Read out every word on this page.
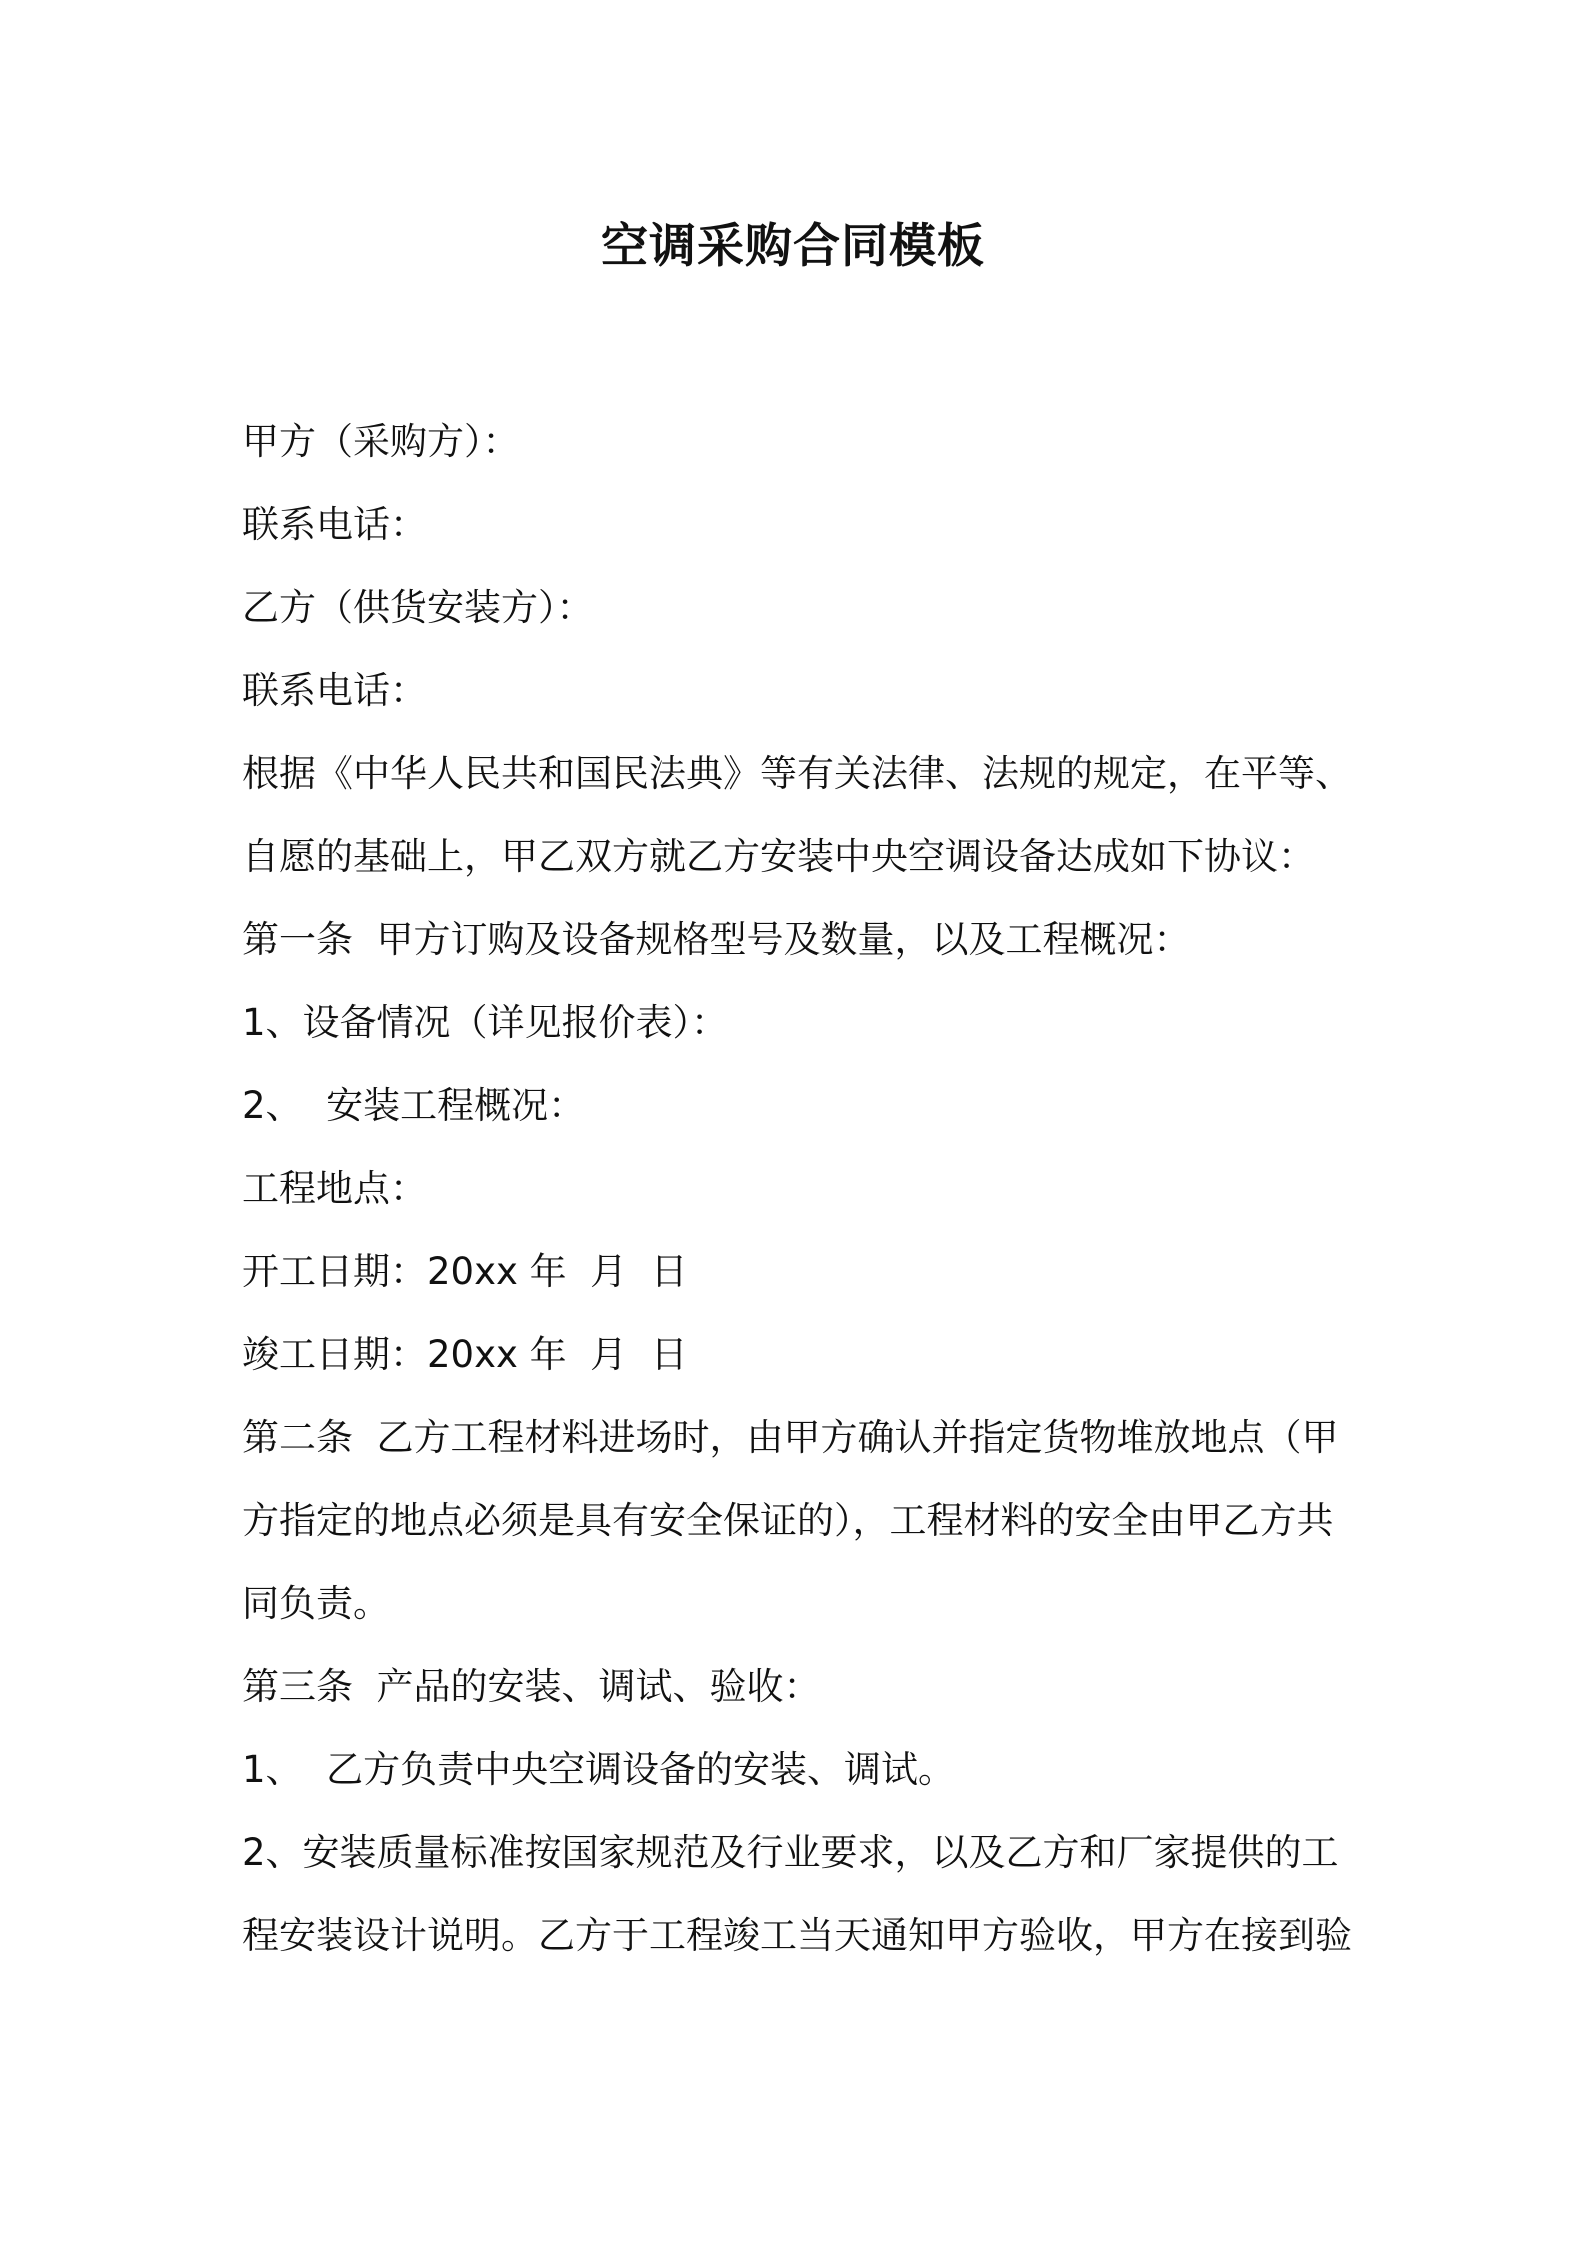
空调采购合同模板
甲方（采购方）：
联系电话：
乙方（供货安装方）：
联系电话：
根据《中华人民共和国民法典》等有关法律、法规的规定，在平等、
自愿的基础上，甲乙双方就乙方安装中央空调设备达成如下协议：
第一条  甲方订购及设备规格型号及数量，以及工程概况：
1、设备情况（详见报价表）：
2、  安装工程概况：
工程地点：
开工日期：20xx 年  月  日
竣工日期：20xx 年  月  日
第二条  乙方工程材料进场时，由甲方确认并指定货物堆放地点（甲
方指定的地点必须是具有安全保证的），工程材料的安全由甲乙方共
同负责。
第三条  产品的安装、调试、验收：
1、  乙方负责中央空调设备的安装、调试。
2、安装质量标准按国家规范及行业要求，以及乙方和厂家提供的工
程安装设计说明。乙方于工程竣工当天通知甲方验收，甲方在接到验
